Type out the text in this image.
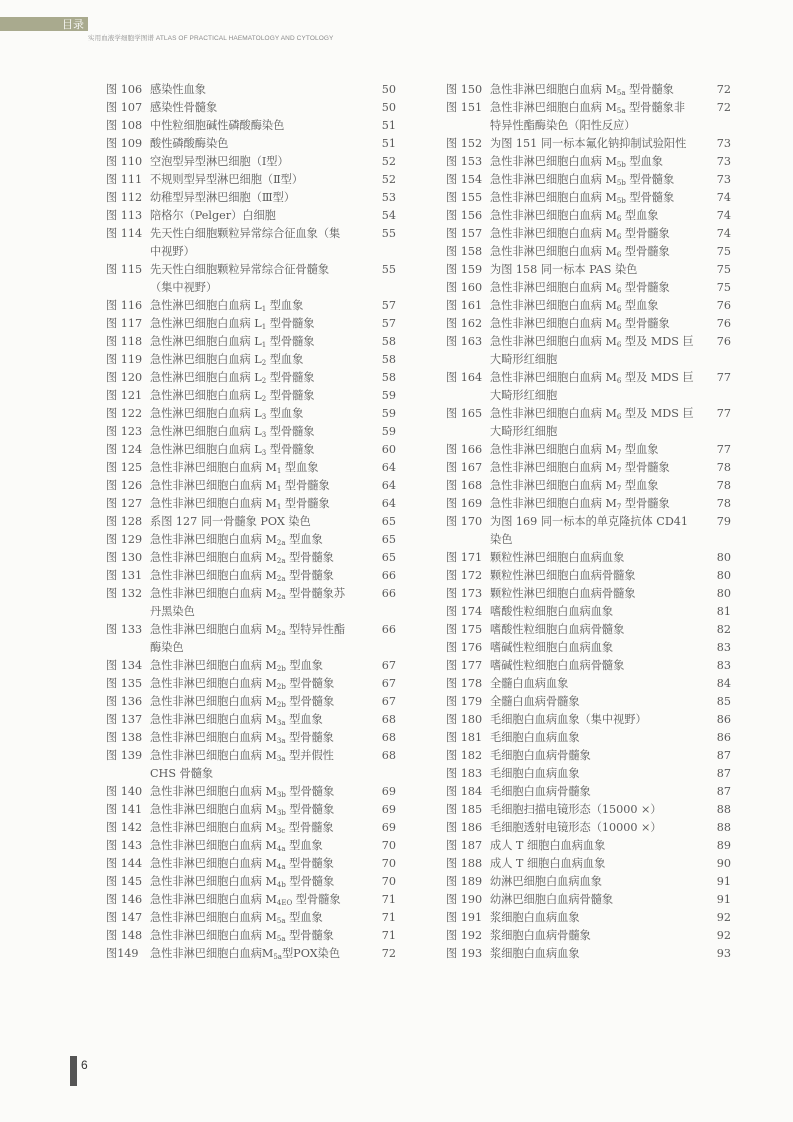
目录
实用血液学细胞学图谱 ATLAS OF PRACTICAL HAEMATOLOGY AND CYTOLOGY
图 106 感染性血象	50
图 107 感染性骨髓象	50
图 108 中性粒细胞碱性磷酸酶染色	51
图 109 酸性磷酸酶染色	51
图 110 空泡型异型淋巴细胞（Ⅰ型）	52
图 111 不规则型异型淋巴细胞（Ⅱ型）	52
图 112 幼稚型异型淋巴细胞（Ⅲ型）	53
图 113 陪格尔（Pelger）白细胞	54
图 114 先天性白细胞颗粒异常综合征血象（集	55
中视野）
图 115 先天性白细胞颗粒异常综合征骨髓象	55
（集中视野）
图 116 急性淋巴细胞白血病 $L_1$ 型血象	57
图 117 急性淋巴细胞白血病 $L_1$ 型骨髓象	57
图 118 急性淋巴细胞白血病 $L_1$ 型骨髓象	58
图 119 急性淋巴细胞白血病 $L_2$ 型血象	58
图 120 急性淋巴细胞白血病 $L_2$ 型骨髓象	58
图 121 急性淋巴细胞白血病 $L_2$ 型骨髓象	59
图 122 急性淋巴细胞白血病 $L_3$ 型血象	59
图 123 急性淋巴细胞白血病 $L_3$ 型骨髓象	59
图 124 急性淋巴细胞白血病 $L_3$ 型骨髓象	60
图 125 急性非淋巴细胞白血病 $M_1$ 型血象	64
图 126 急性非淋巴细胞白血病 $M_1$ 型骨髓象	64
图 127 急性非淋巴细胞白血病 $M_1$ 型骨髓象	64
图 128 系图 127 同一骨髓象 POX 染色	65
图 129 急性非淋巴细胞白血病 $M_{2a}$ 型血象	65
图 130 急性非淋巴细胞白血病 $M_{2a}$ 型骨髓象	65
图 131 急性非淋巴细胞白血病 $M_{2a}$ 型骨髓象	66
图 132 急性非淋巴细胞白血病 $M_{2a}$ 型骨髓象苏	66
丹黑染色
图 133 急性非淋巴细胞白血病 $M_{2a}$ 型特异性酯	66
酶染色
图 134 急性非淋巴细胞白血病 $M_{2b}$ 型血象	67
图 135 急性非淋巴细胞白血病 $M_{2b}$ 型骨髓象	67
图 136 急性非淋巴细胞白血病 $M_{2b}$ 型骨髓象	67
图 137 急性非淋巴细胞白血病 $M_{3a}$ 型血象	68
图 138 急性非淋巴细胞白血病 $M_{3a}$ 型骨髓象	68
图 139 急性非淋巴细胞白血病 $M_{3a}$ 型并假性	68
CHS 骨髓象
图 140 急性非淋巴细胞白血病 $M_{3b}$ 型骨髓象	69
图 141 急性非淋巴细胞白血病 $M_{3b}$ 型骨髓象	69
图 142 急性非淋巴细胞白血病 $M_{3c}$ 型骨髓象	69
图 143 急性非淋巴细胞白血病 $M_{4a}$ 型血象	70
图 144 急性非淋巴细胞白血病 $M_{4a}$ 型骨髓象	70
图 145 急性非淋巴细胞白血病 $M_{4b}$ 型骨髓象	70
图 146 急性非淋巴细胞白血病 $M_{4EO}$ 型骨髓象	71
图 147 急性非淋巴细胞白血病 $M_{5a}$ 型血象	71
图 148 急性非淋巴细胞白血病 $M_{5a}$ 型骨髓象	71
图149	急性非淋巴细胞白血病$M_{5a}$型POX染色	72
图 150 急性非淋巴细胞白血病 $M_{5a}$ 型骨髓象	72
图 151 急性非淋巴细胞白血病 $M_{5a}$ 型骨髓象非	72
特异性酯酶染色（阳性反应）
图 152 为图 151 同一标本氟化钠抑制试验阳性	73
图 153 急性非淋巴细胞白血病 $M_{5b}$ 型血象	73
图 154 急性非淋巴细胞白血病 $M_{5b}$ 型骨髓象	73
图 155 急性非淋巴细胞白血病 $M_{5b}$ 型骨髓象	74
图 156 急性非淋巴细胞白血病 $M_6$ 型血象	74
图 157 急性非淋巴细胞白血病 $M_6$ 型骨髓象	74
图 158 急性非淋巴细胞白血病 $M_6$ 型骨髓象	75
图 159 为图 158 同一标本 PAS 染色	75
图 160 急性非淋巴细胞白血病 $M_6$ 型骨髓象	75
图 161 急性非淋巴细胞白血病 $M_6$ 型血象	76
图 162 急性非淋巴细胞白血病 $M_6$ 型骨髓象	76
图 163 急性非淋巴细胞白血病 $M_6$ 型及 MDS 巨	76
大畸形红细胞
图 164 急性非淋巴细胞白血病 $M_6$ 型及 MDS 巨	77
大畸形红细胞
图 165 急性非淋巴细胞白血病 $M_6$ 型及 MDS 巨	77
大畸形红细胞
图 166 急性非淋巴细胞白血病 $M_7$ 型血象	77
图 167 急性非淋巴细胞白血病 $M_7$ 型骨髓象	78
图 168 急性非淋巴细胞白血病 $M_7$ 型血象	78
图 169 急性非淋巴细胞白血病 $M_7$ 型骨髓象	78
图 170 为图 169 同一标本的单克隆抗体 CD41	79
染色
图 171 颗粒性淋巴细胞白血病血象	80
图 172 颗粒性淋巴细胞白血病骨髓象	80
图 173 颗粒性淋巴细胞白血病骨髓象	80
图 174 嗜酸性粒细胞白血病血象	81
图 175 嗜酸性粒细胞白血病骨髓象	82
图 176 嗜碱性粒细胞白血病血象	83
图 177 嗜碱性粒细胞白血病骨髓象	83
图 178 全髓白血病血象	84
图 179 全髓白血病骨髓象	85
图 180 毛细胞白血病血象（集中视野）	86
图 181 毛细胞白血病血象	86
图 182 毛细胞白血病骨髓象	87
图 183 毛细胞白血病血象	87
图 184 毛细胞白血病骨髓象	87
图 185 毛细胞扫描电镜形态（15000 ×）	88
图 186 毛细胞透射电镜形态（10000 ×）	88
图 187 成人 T 细胞白血病血象	89
图 188 成人 T 细胞白血病血象	90
图 189 幼淋巴细胞白血病血象	91
图 190 幼淋巴细胞白血病骨髓象	91
图 191 浆细胞白血病血象	92
图 192 浆细胞白血病骨髓象	92
图 193 浆细胞白血病血象	93
6
